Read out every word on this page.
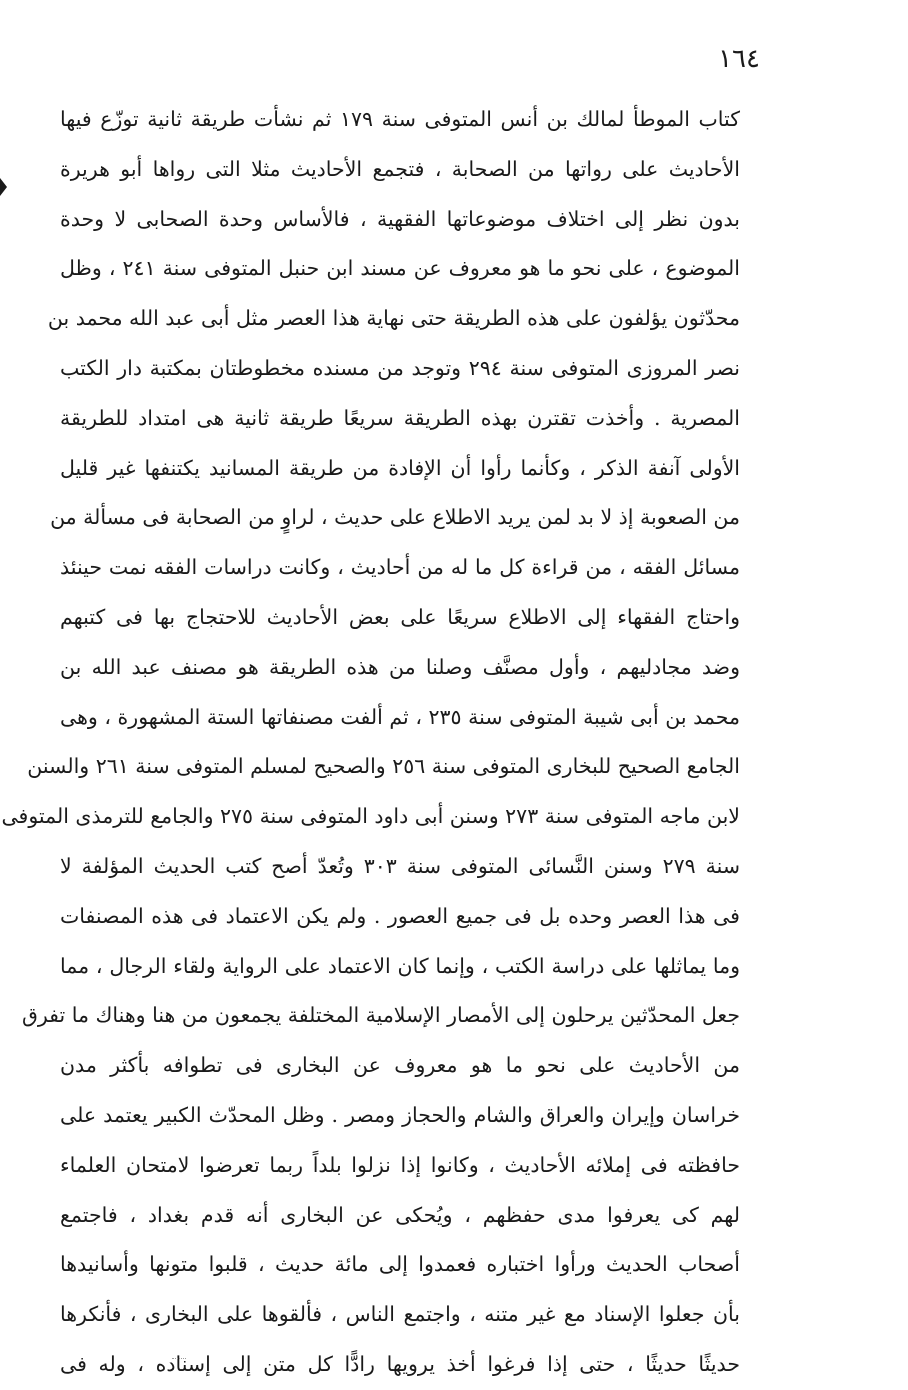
١٦٤
كتاب الموطأ لمالك بن أنس المتوفى سنة ١٧٩ ثم نشأت طريقة ثانية توزّع فيها
الأحاديث على رواتها من الصحابة ، فتجمع الأحاديث مثلا التى رواها أبو هريرة
بدون نظر إلى اختلاف موضوعاتها الفقهية ، فالأساس وحدة الصحابى لا وحدة
الموضوع ، على نحو ما هو معروف عن مسند ابن حنبل المتوفى سنة ٢٤١ ، وظل
محدّثون يؤلفون على هذه الطريقة حتى نهاية هذا العصر مثل أبى عبد الله محمد بن
نصر المروزى المتوفى سنة ٢٩٤ وتوجد من مسنده مخطوطتان بمكتبة دار الكتب
المصرية . وأخذت تقترن بهذه الطريقة سريعًا طريقة ثانية هى امتداد للطريقة
الأولى آنفة الذكر ، وكأنما رأوا أن الإفادة من طريقة المسانيد يكتنفها غير قليل
من الصعوبة إذ لا بد لمن يريد الاطلاع على حديث ، لراوٍ من الصحابة فى مسألة من
مسائل الفقه ، من قراءة كل ما له من أحاديث ، وكانت دراسات الفقه نمت حينئذ
واحتاج الفقهاء إلى الاطلاع سريعًا على بعض الأحاديث للاحتجاج بها فى كتبهم
وضد مجادليهم ، وأول مصنَّف وصلنا من هذه الطريقة هو مصنف عبد الله بن
محمد بن أبى شيبة المتوفى سنة ٢٣٥ ، ثم ألفت مصنفاتها الستة المشهورة ، وهى
الجامع الصحيح للبخارى المتوفى سنة ٢٥٦ والصحيح لمسلم المتوفى سنة ٢٦١ والسنن
لابن ماجه المتوفى سنة ٢٧٣ وسنن أبى داود المتوفى سنة ٢٧٥ والجامع للترمذى المتوفى
سنة ٢٧٩ وسنن النَّسائى المتوفى سنة ٣٠٣ وتُعدّ أصح كتب الحديث المؤلفة لا
فى هذا العصر وحده بل فى جميع العصور . ولم يكن الاعتماد فى هذه المصنفات
وما يماثلها على دراسة الكتب ، وإنما كان الاعتماد على الرواية ولقاء الرجال ، مما
جعل المحدّثين يرحلون إلى الأمصار الإسلامية المختلفة يجمعون من هنا وهناك ما تفرق
من الأحاديث على نحو ما هو معروف عن البخارى فى تطوافه بأكثر مدن
خراسان وإيران والعراق والشام والحجاز ومصر . وظل المحدّث الكبير يعتمد على
حافظته فى إملائه الأحاديث ، وكانوا إذا نزلوا بلداً ربما تعرضوا لامتحان العلماء
لهم كى يعرفوا مدى حفظهم ، ويُحكى عن البخارى أنه قدم بغداد ، فاجتمع
أصحاب الحديث ورأوا اختباره فعمدوا إلى مائة حديث ، قلبوا متونها وأسانيدها
بأن جعلوا الإسناد مع غير متنه ، واجتمع الناس ، فألقوها على البخارى ، فأنكرها
حديثًا حديثًا ، حتى إذا فرغوا أخذ يرويها رادًّا كل متن إلى إسناده ، وله فى
